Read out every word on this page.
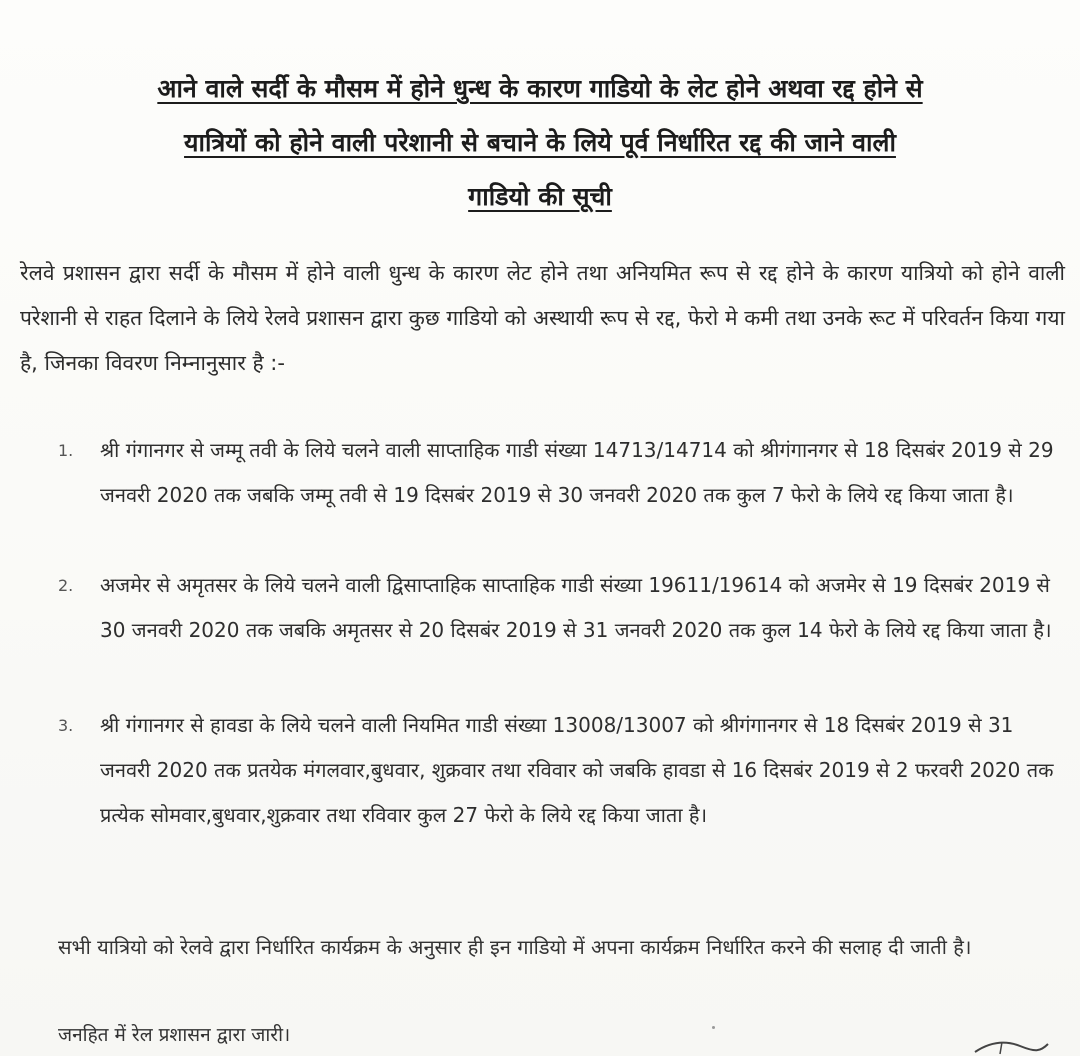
आने वाले सर्दी के मौसम में होने धुन्ध के कारण गाडियो के लेट होने अथवा रद्द होने से
यात्रियों को होने वाली परेशानी से बचाने के लिये पूर्व निर्धारित रद्द की जाने वाली
गाडियो की सूची

रेलवे प्रशासन द्वारा सर्दी के मौसम में होने वाली धुन्ध के कारण लेट होने तथा अनियमित रूप से रद्द होने के कारण यात्रियो को होने वाली परेशानी से राहत दिलाने के लिये रेलवे प्रशासन द्वारा कुछ गाडियो को अस्थायी रूप से रद्द, फेरो मे कमी तथा उनके रूट में परिवर्तन किया गया है, जिनका विवरण निम्नानुसार है :-

1. श्री गंगानगर से जम्मू तवी के लिये चलने वाली साप्ताहिक गाडी संख्या 14713/14714 को श्रीगंगानगर से 18 दिसबंर 2019 से 29 जनवरी 2020 तक जबकि जम्मू तवी से 19 दिसबंर 2019 से 30 जनवरी 2020 तक कुल 7 फेरो के लिये रद्द किया जाता है।
2. अजमेर से अमृतसर के लिये चलने वाली द्विसाप्ताहिक साप्ताहिक गाडी संख्या 19611/19614 को अजमेर से 19 दिसबंर 2019 से 30 जनवरी 2020 तक जबकि अमृतसर से 20 दिसबंर 2019 से 31 जनवरी 2020 तक कुल 14 फेरो के लिये रद्द किया जाता है।
3. श्री गंगानगर से हावडा के लिये चलने वाली नियमित गाडी संख्या 13008/13007 को श्रीगंगानगर से 18 दिसबंर 2019 से 31 जनवरी 2020 तक प्रतयेक मंगलवार,बुधवार, शुक्रवार तथा रविवार को जबकि हावडा से 16 दिसबंर 2019 से 2 फरवरी 2020 तक प्रत्येक सोमवार,बुधवार,शुक्रवार तथा रविवार कुल 27 फेरो के लिये रद्द किया जाता है।

सभी यात्रियो को रेलवे द्वारा निर्धारित कार्यक्रम के अनुसार ही इन गाडियो में अपना कार्यक्रम निर्धारित करने की सलाह दी जाती है।

जनहित में रेल प्रशासन द्वारा जारी।
